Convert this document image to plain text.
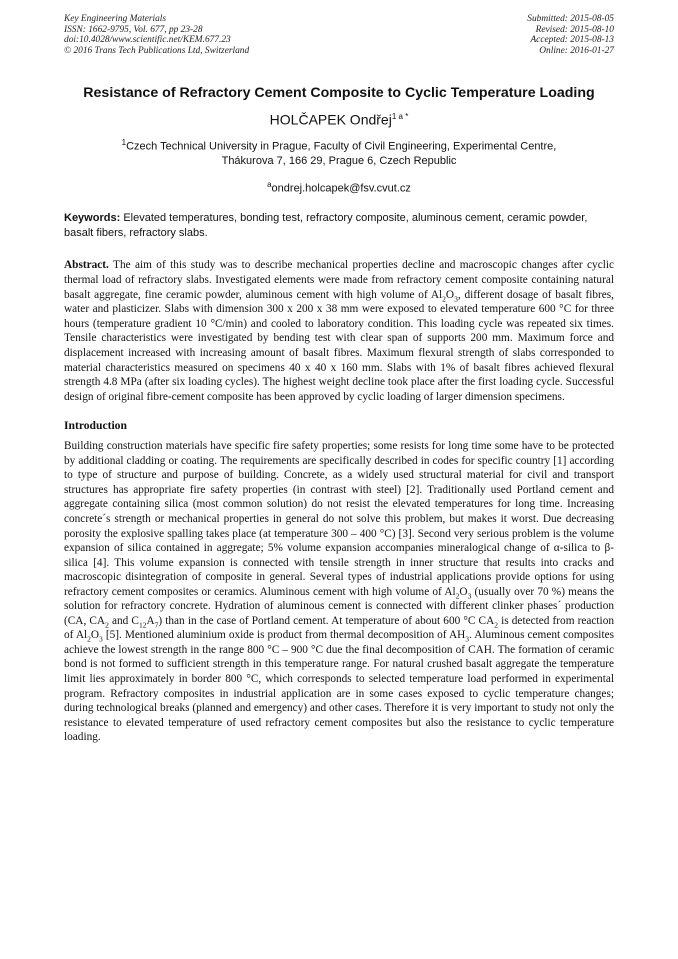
Key Engineering Materials
ISSN: 1662-9795, Vol. 677, pp 23-28
doi:10.4028/www.scientific.net/KEM.677.23
© 2016 Trans Tech Publications Ltd, Switzerland
Submitted: 2015-08-05
Revised: 2015-08-10
Accepted: 2015-08-13
Online: 2016-01-27
Resistance of Refractory Cement Composite to Cyclic Temperature Loading
HOLČAPEK Ondřej$^{1 a *}$
$^1$Czech Technical University in Prague, Faculty of Civil Engineering, Experimental Centre,
Thákurova 7, 166 29, Prague 6, Czech Republic
$^a$ondrej.holcapek@fsv.cvut.cz
Keywords: Elevated temperatures, bonding test, refractory composite, aluminous cement, ceramic powder, basalt fibers, refractory slabs.
Abstract. The aim of this study was to describe mechanical properties decline and macroscopic changes after cyclic thermal load of refractory slabs. Investigated elements were made from refractory cement composite containing natural basalt aggregate, fine ceramic powder, aluminous cement with high volume of $Al_2O_3$, different dosage of basalt fibres, water and plasticizer. Slabs with dimension 300 x 200 x 38 mm were exposed to elevated temperature 600 °C for three hours (temperature gradient 10 °C/min) and cooled to laboratory condition. This loading cycle was repeated six times. Tensile characteristics were investigated by bending test with clear span of supports 200 mm. Maximum force and displacement increased with increasing amount of basalt fibres. Maximum flexural strength of slabs corresponded to material characteristics measured on specimens 40 x 40 x 160 mm. Slabs with 1% of basalt fibres achieved flexural strength 4.8 MPa (after six loading cycles). The highest weight decline took place after the first loading cycle. Successful design of original fibre-cement composite has been approved by cyclic loading of larger dimension specimens.
Introduction
Building construction materials have specific fire safety properties; some resists for long time some have to be protected by additional cladding or coating. The requirements are specifically described in codes for specific country [1] according to type of structure and purpose of building. Concrete, as a widely used structural material for civil and transport structures has appropriate fire safety properties (in contrast with steel) [2]. Traditionally used Portland cement and aggregate containing silica (most common solution) do not resist the elevated temperatures for long time. Increasing concrete´s strength or mechanical properties in general do not solve this problem, but makes it worst. Due decreasing porosity the explosive spalling takes place (at temperature 300 – 400 °C) [3]. Second very serious problem is the volume expansion of silica contained in aggregate; 5% volume expansion accompanies mineralogical change of α-silica to β-silica [4]. This volume expansion is connected with tensile strength in inner structure that results into cracks and macroscopic disintegration of composite in general. Several types of industrial applications provide options for using refractory cement composites or ceramics. Aluminous cement with high volume of $Al_2O_3$ (usually over 70 %) means the solution for refractory concrete. Hydration of aluminous cement is connected with different clinker phases´ production (CA, $CA_2$ and $C_{12}A_7$) than in the case of Portland cement. At temperature of about 600 °C $CA_2$ is detected from reaction of $Al_2O_3$ [5]. Mentioned aluminium oxide is product from thermal decomposition of $AH_3$. Aluminous cement composites achieve the lowest strength in the range 800 °C – 900 °C due the final decomposition of CAH. The formation of ceramic bond is not formed to sufficient strength in this temperature range. For natural crushed basalt aggregate the temperature limit lies approximately in border 800 °C, which corresponds to selected temperature load performed in experimental program. Refractory composites in industrial application are in some cases exposed to cyclic temperature changes; during technological breaks (planned and emergency) and other cases. Therefore it is very important to study not only the resistance to elevated temperature of used refractory cement composites but also the resistance to cyclic temperature loading.
